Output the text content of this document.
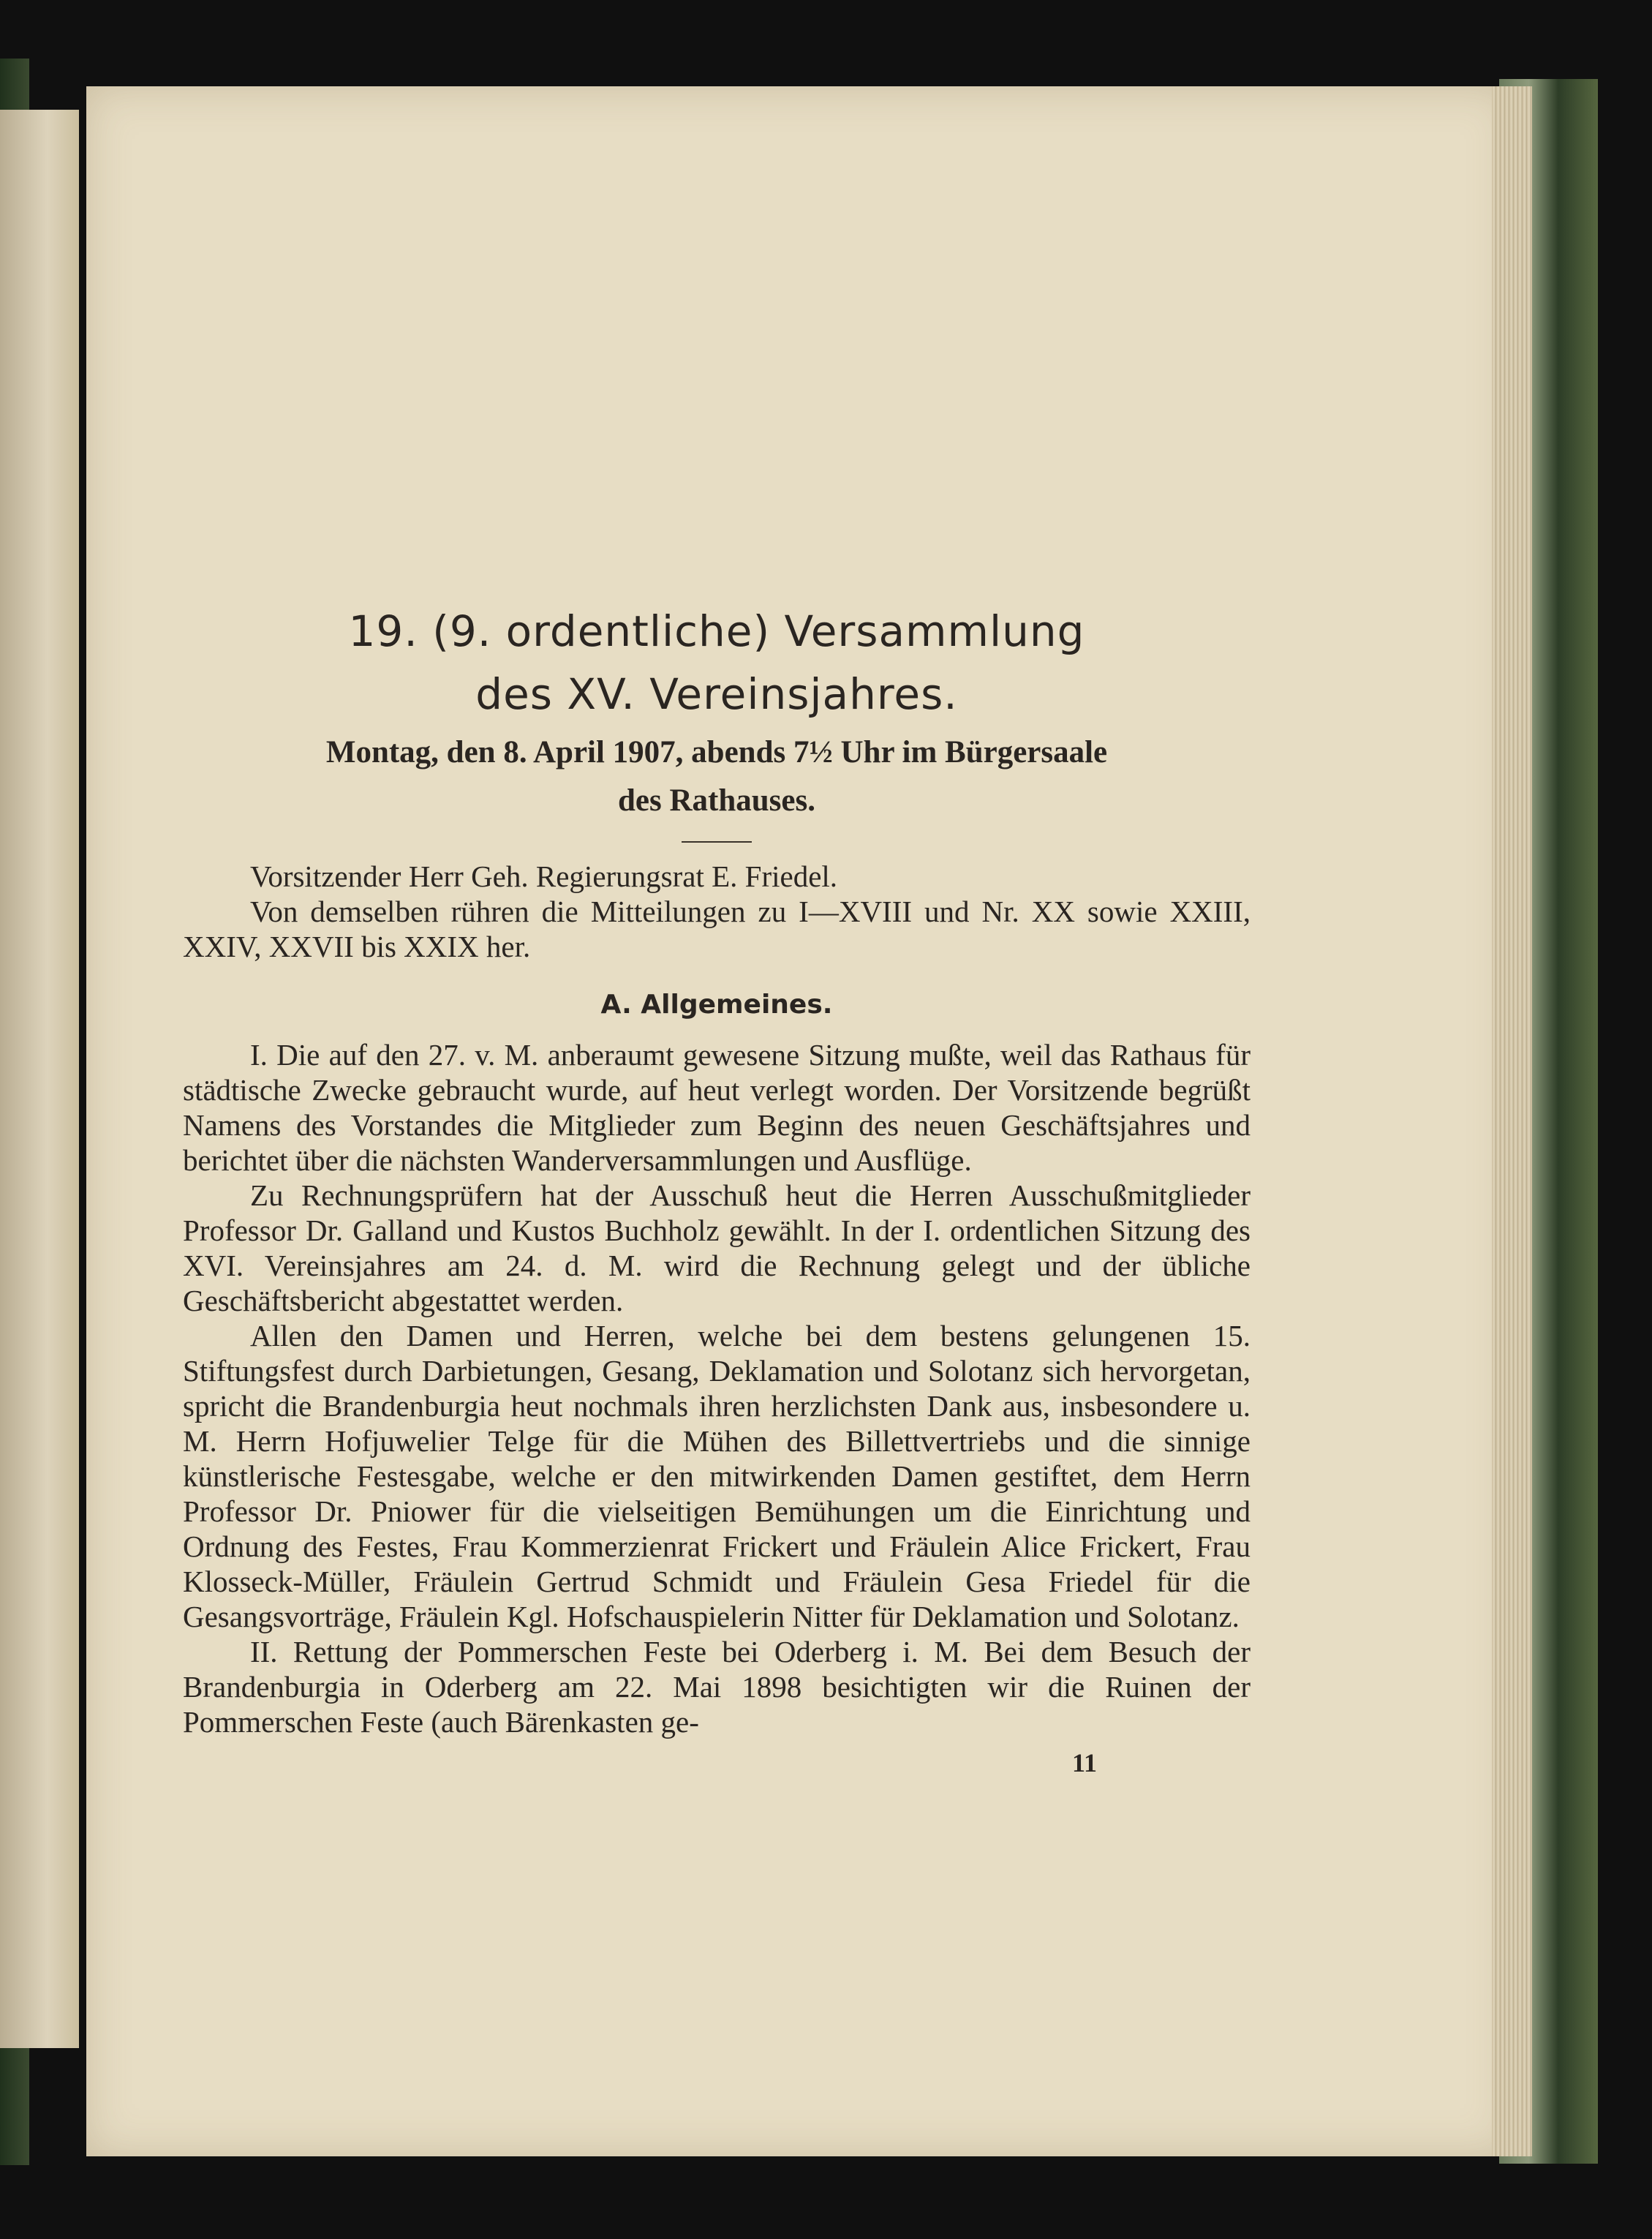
19. (9. ordentliche) Versammlung
des XV. Vereinsjahres.
Montag, den 8. April 1907, abends 7½ Uhr im Bürgersaale
des Rathauses.

Vorsitzender Herr Geh. Regierungsrat E. Friedel.

Von demselben rühren die Mitteilungen zu I—XVIII und Nr. XX sowie XXIII, XXIV, XXVII bis XXIX her.

A. Allgemeines.

I. Die auf den 27. v. M. anberaumt gewesene Sitzung mußte, weil das Rathaus für städtische Zwecke gebraucht wurde, auf heut verlegt worden. Der Vorsitzende begrüßt Namens des Vorstandes die Mitglieder zum Beginn des neuen Geschäftsjahres und berichtet über die nächsten Wanderversammlungen und Ausflüge.

Zu Rechnungsprüfern hat der Ausschuß heut die Herren Ausschußmitglieder Professor Dr. Galland und Kustos Buchholz gewählt. In der I. ordentlichen Sitzung des XVI. Vereinsjahres am 24. d. M. wird die Rechnung gelegt und der übliche Geschäftsbericht abgestattet werden.

Allen den Damen und Herren, welche bei dem bestens gelungenen 15. Stiftungsfest durch Darbietungen, Gesang, Deklamation und Solotanz sich hervorgetan, spricht die Brandenburgia heut nochmals ihren herzlichsten Dank aus, insbesondere u. M. Herrn Hofjuwelier Telge für die Mühen des Billettvertriebs und die sinnige künstlerische Festesgabe, welche er den mitwirkenden Damen gestiftet, dem Herrn Professor Dr. Pniower für die vielseitigen Bemühungen um die Einrichtung und Ordnung des Festes, Frau Kommerzienrat Frickert und Fräulein Alice Frickert, Frau Klosseck-Müller, Fräulein Gertrud Schmidt und Fräulein Gesa Friedel für die Gesangsvorträge, Fräulein Kgl. Hofschauspielerin Nitter für Deklamation und Solotanz.

II. Rettung der Pommerschen Feste bei Oderberg i. M. Bei dem Besuch der Brandenburgia in Oderberg am 22. Mai 1898 besichtigten wir die Ruinen der Pommerschen Feste (auch Bärenkasten ge-

11
